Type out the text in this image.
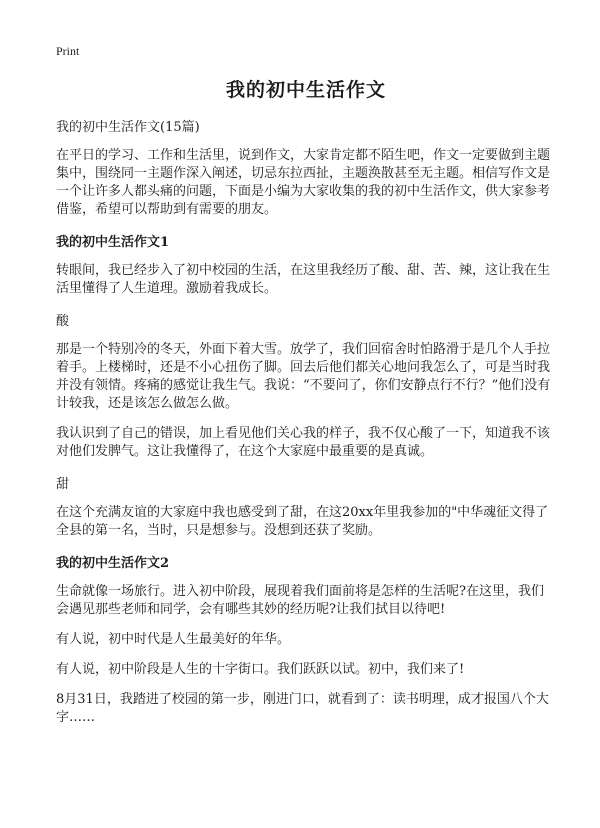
Print
我的初中生活作文
我的初中生活作文(15篇)

在平日的学习、工作和生活里，说到作文，大家肯定都不陌生吧，作文一定要做到主题集中，围绕同一主题作深入阐述，切忌东拉西扯，主题涣散甚至无主题。相信写作文是一个让许多人都头痛的问题，下面是小编为大家收集的我的初中生活作文，供大家参考借鉴，希望可以帮助到有需要的朋友。

我的初中生活作文1

转眼间，我已经步入了初中校园的生活，在这里我经历了酸、甜、苦、辣，这让我在生活里懂得了人生道理。激励着我成长。

酸

那是一个特别冷的冬天，外面下着大雪。放学了，我们回宿舍时怕路滑于是几个人手拉着手。上楼梯时，还是不小心扭伤了脚。回去后他们都关心地问我怎么了，可是当时我并没有领情。疼痛的感觉让我生气。我说：“不要问了，你们安静点行不行？”他们没有计较我，还是该怎么做怎么做。

我认识到了自己的错误，加上看见他们关心我的样子，我不仅心酸了一下，知道我不该对他们发脾气。这让我懂得了，在这个大家庭中最重要的是真诚。

甜

在这个充满友谊的大家庭中我也感受到了甜，在这20xx年里我参加的"中华魂征文得了全县的第一名，当时，只是想参与。没想到还获了奖励。

我的初中生活作文2

生命就像一场旅行。进入初中阶段，展现着我们面前将是怎样的生活呢?在这里，我们会遇见那些老师和同学，会有哪些其妙的经历呢?让我们拭目以待吧!

有人说，初中时代是人生最美好的年华。

有人说，初中阶段是人生的十字街口。我们跃跃以试。初中，我们来了!

8月31日，我踏进了校园的第一步，刚进门口，就看到了：读书明理，成才报国八个大字……
